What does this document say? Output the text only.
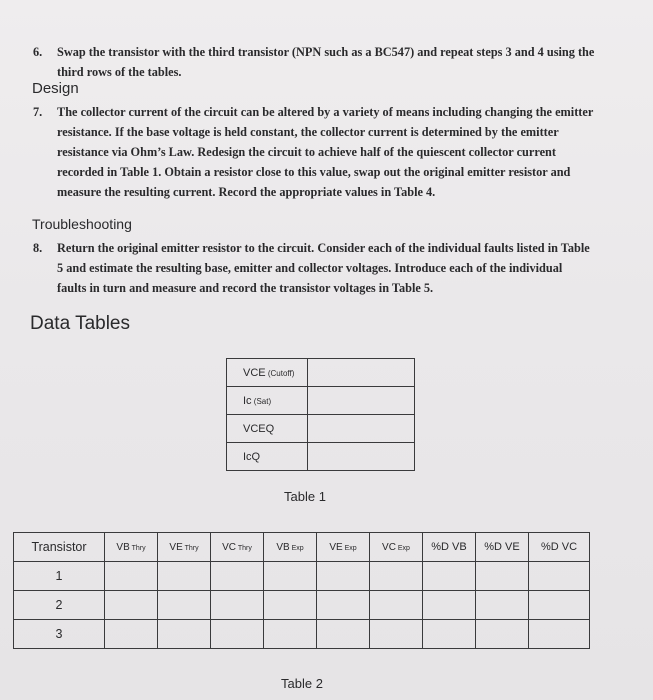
6. Swap the transistor with the third transistor (NPN such as a BC547) and repeat steps 3 and 4 using the
third rows of the tables.
Design
7. The collector current of the circuit can be altered by a variety of means including changing the emitter
resistance. If the base voltage is held constant, the collector current is determined by the emitter
resistance via Ohm’s Law. Redesign the circuit to achieve half of the quiescent collector current
recorded in Table 1. Obtain a resistor close to this value, swap out the original emitter resistor and
measure the resulting current. Record the appropriate values in Table 4.
Troubleshooting
8. Return the original emitter resistor to the circuit. Consider each of the individual faults listed in Table
5 and estimate the resulting base, emitter and collector voltages. Introduce each of the individual
faults in turn and measure and record the transistor voltages in Table 5.
Data Tables
VCE (Cutoff)	
Ic (Sat)	
VCEQ	
IcQ	
Table 1
Transistor	VB Thry	VE Thry	VC Thry	VB Exp	VE Exp	VC Exp	%D VB	%D VE	%D VC
1									
2									
3									
Table 2
